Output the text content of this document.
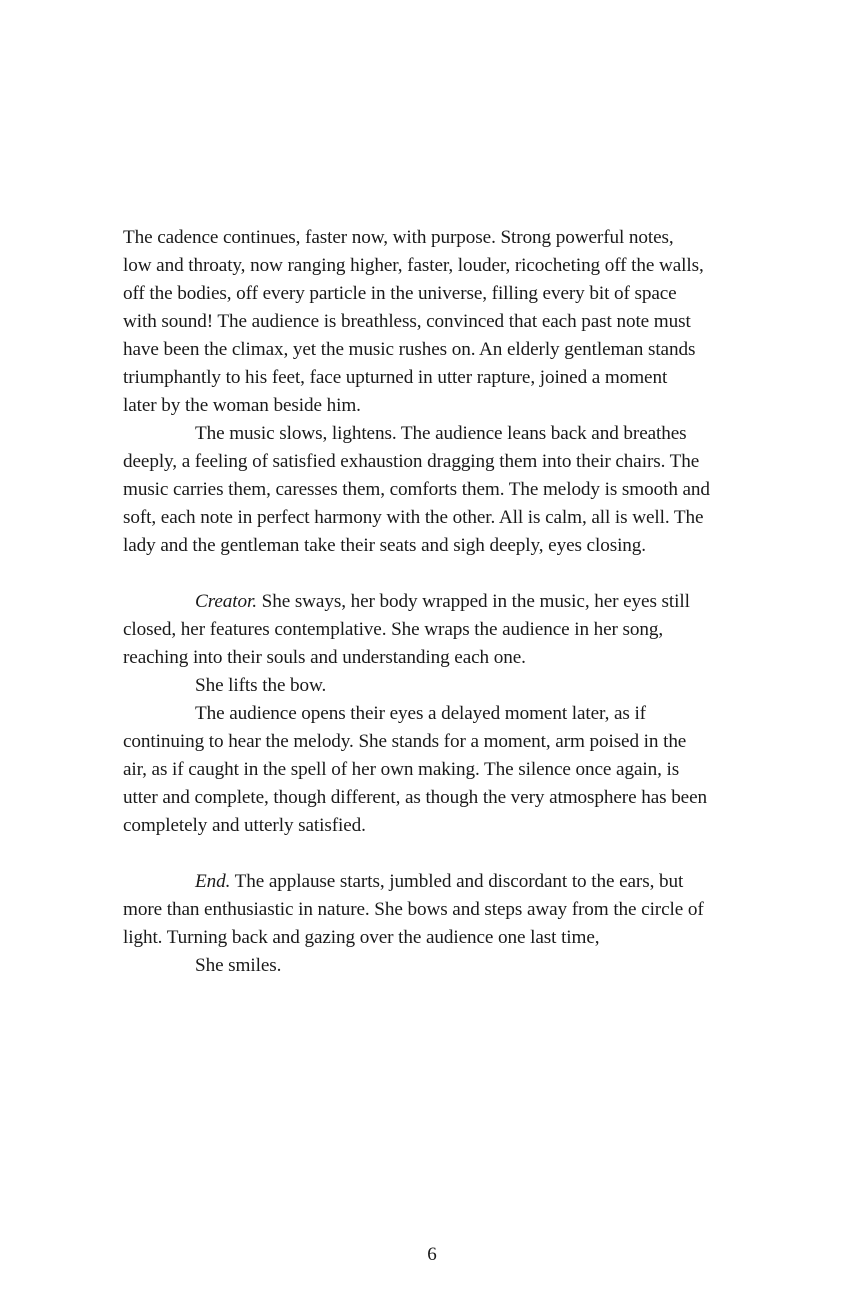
The cadence continues, faster now, with purpose. Strong powerful notes,
low and throaty, now ranging higher, faster, louder, ricocheting off the walls,
off the bodies, off every particle in the universe, filling every bit of space
with sound! The audience is breathless, convinced that each past note must
have been the climax, yet the music rushes on. An elderly gentleman stands
triumphantly to his feet, face upturned in utter rapture, joined a moment
later by the woman beside him.

The music slows, lightens. The audience leans back and breathes
deeply, a feeling of satisfied exhaustion dragging them into their chairs. The
music carries them, caresses them, comforts them. The melody is smooth and
soft, each note in perfect harmony with the other. All is calm, all is well. The
lady and the gentleman take their seats and sigh deeply, eyes closing.

Creator. She sways, her body wrapped in the music, her eyes still
closed, her features contemplative. She wraps the audience in her song,
reaching into their souls and understanding each one.

She lifts the bow.

The audience opens their eyes a delayed moment later, as if
continuing to hear the melody. She stands for a moment, arm poised in the
air, as if caught in the spell of her own making. The silence once again, is
utter and complete, though different, as though the very atmosphere has been
completely and utterly satisfied.

End. The applause starts, jumbled and discordant to the ears, but
more than enthusiastic in nature. She bows and steps away from the circle of
light. Turning back and gazing over the audience one last time,

She smiles.

6
